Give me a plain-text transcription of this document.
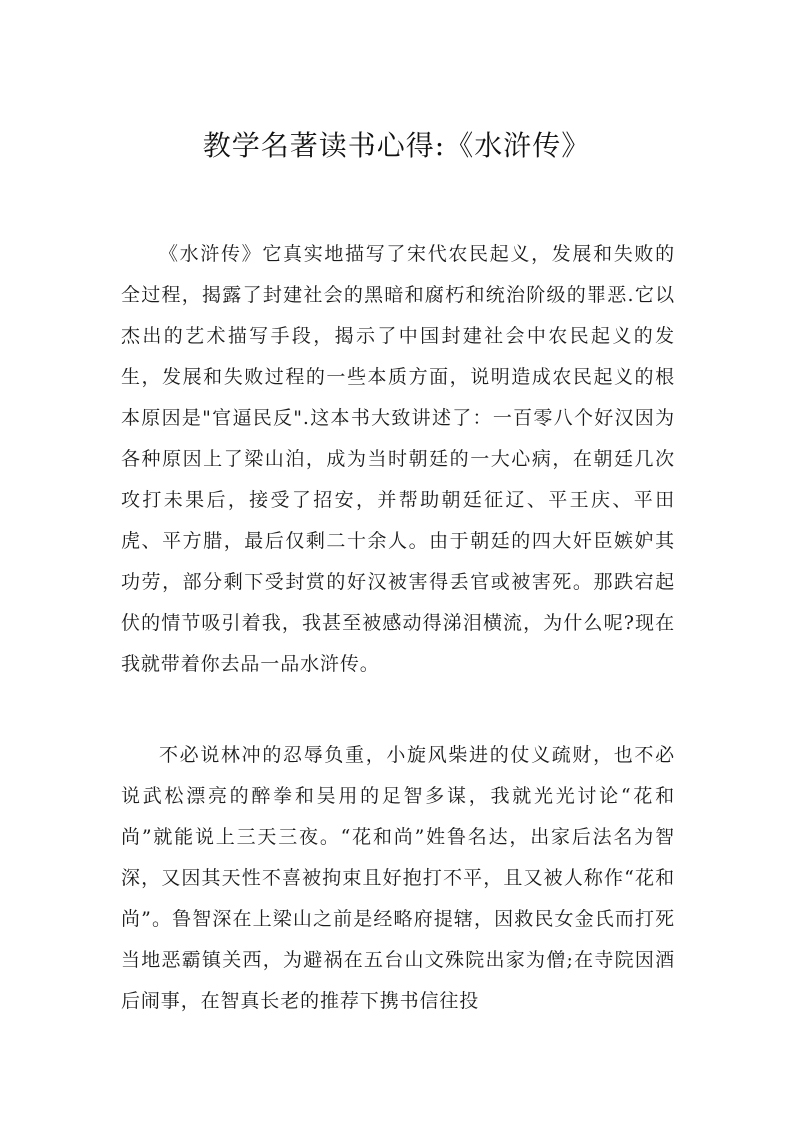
教学名著读书心得:《水浒传》

《水浒传》它真实地描写了宋代农民起义，发展和失败的全过程，揭露了封建社会的黑暗和腐朽和统治阶级的罪恶.它以杰出的艺术描写手段，揭示了中国封建社会中农民起义的发生，发展和失败过程的一些本质方面，说明造成农民起义的根本原因是"官逼民反".这本书大致讲述了：一百零八个好汉因为各种原因上了梁山泊，成为当时朝廷的一大心病，在朝廷几次攻打未果后，接受了招安，并帮助朝廷征辽、平王庆、平田虎、平方腊，最后仅剩二十余人。由于朝廷的四大奸臣嫉妒其功劳，部分剩下受封赏的好汉被害得丢官或被害死。那跌宕起伏的情节吸引着我，我甚至被感动得涕泪横流，为什么呢?现在我就带着你去品一品水浒传。

不必说林冲的忍辱负重，小旋风柴进的仗义疏财，也不必说武松漂亮的醉拳和吴用的足智多谋，我就光光讨论“花和尚”就能说上三天三夜。“花和尚”姓鲁名达，出家后法名为智深，又因其天性不喜被拘束且好抱打不平，且又被人称作“花和尚”。鲁智深在上梁山之前是经略府提辖，因救民女金氏而打死当地恶霸镇关西，为避祸在五台山文殊院出家为僧;在寺院因酒后闹事，在智真长老的推荐下携书信往投
